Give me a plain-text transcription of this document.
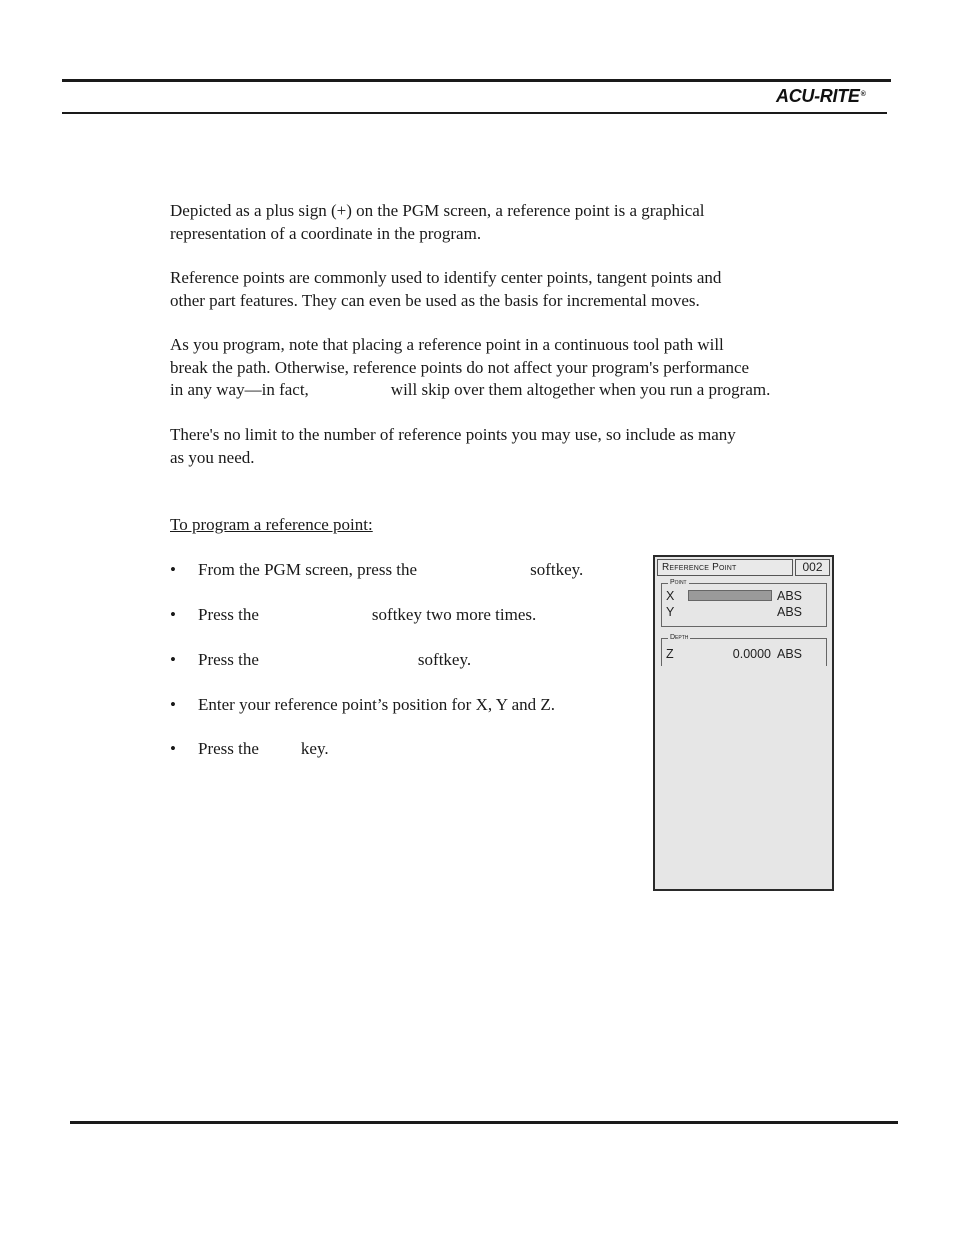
ACU-RITE®

Depicted as a plus sign (+) on the PGM screen, a reference point is a graphical
representation of a coordinate in the program.

Reference points are commonly used to identify center points, tangent points and
other part features. They can even be used as the basis for incremental moves.

As you program, note that placing a reference point in a continuous tool path will
break the path. Otherwise, reference points do not affect your program's performance
in any way—in fact,	will skip over them altogether when you run a program.

There's no limit to the number of reference points you may use, so include as many
as you need.

To program a reference point:
• From the PGM screen, press the	softkey.
• Press the	softkey two more times.
• Press the	softkey.
• Enter your reference point’s position for X, Y and Z.
• Press the key.
Reference Point	002
Point
X	ABS
Y	ABS
Depth
Z	0.0000 ABS
